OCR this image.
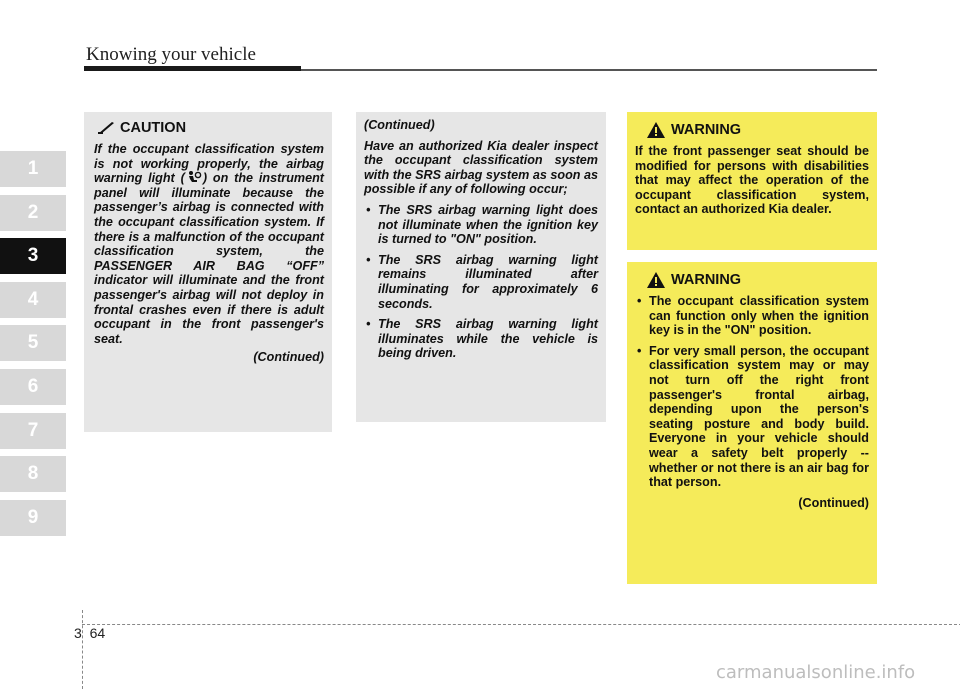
Knowing your vehicle
1
2
3
4
5
6
7
8
9
CAUTION
If the occupant classification system is not working properly, the airbag warning light ( ) on the instrument panel will illuminate because the passenger’s airbag is connected with the occupant classification system. If there is a malfunction of the occupant classification system, the PASSENGER AIR BAG “OFF” indicator will illuminate and the front passenger's airbag will not deploy in frontal crashes even if there is adult occupant in the front passenger's seat.
(Continued)
(Continued)
Have an authorized Kia dealer inspect the occupant classification system with the SRS airbag system as soon as possible if any of following occur;
• The SRS airbag warning light does not illuminate when the ignition key is turned to "ON" position.
• The SRS airbag warning light remains illuminated after illuminating for approximately 6 seconds.
• The SRS airbag warning light illuminates while the vehicle is being driven.
WARNING
If the front passenger seat should be modified for persons with disabilities that may affect the operation of the occupant classification system, contact an authorized Kia dealer.
WARNING
• The occupant classification system can function only when the ignition key is in the "ON" position.
• For very small person, the occupant classification system may or may not turn off the right front passenger's frontal airbag, depending upon the person's seating posture and body build. Everyone in your vehicle should wear a safety belt properly -- whether or not there is an air bag for that person.
(Continued)
3 64
carmanualsonline.info
